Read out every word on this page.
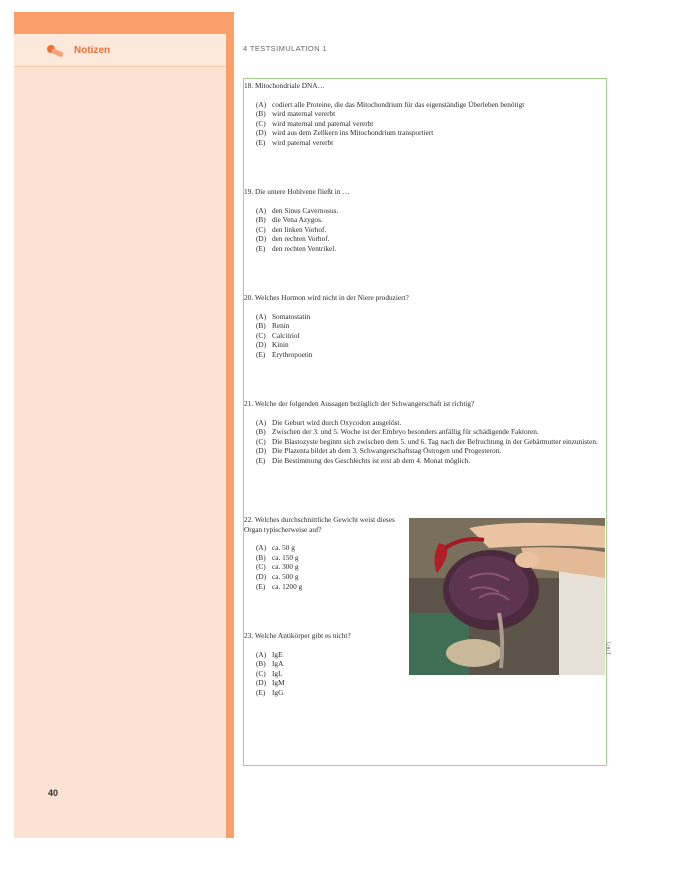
Notizen
40
4 TESTSIMULATION 1

18. Mitochondriale DNA…

(A) codiert alle Proteine, die das Mitochondrium für das eigenständige Überleben benötigt
(B) wird maternal vererbt
(C) wird maternal und paternal vererbt
(D) wird aus dem Zellkern ins Mitochondrium transportiert
(E) wird paternal vererbt

19. Die untere Hohlvene fließt in …

(A) den Sinus Cavernosus.
(B) die Vena Azygos.
(C) den linken Vorhof.
(D) den rechten Vorhof.
(E) den rechten Ventrikel.

20. Welches Hormon wird nicht in der Niere produziert?

(A) Somatostatin
(B) Renin
(C) Calcitriol
(D) Kinin
(E) Erythropoetin

21. Welche der folgenden Aussagen bezüglich der Schwangerschaft ist richtig?

(A) Die Geburt wird durch Oxycodon ausgelöst.
(B) Zwischen der 3. und 5. Woche ist der Embryo besonders anfällig für schädigende Faktoren.
(C) Die Blastozyste beginnt sich zwischen dem 5. und 6. Tag nach der Befruchtung in der Gebärmutter einzunisten.
(D) Die Plazenta bildet ab dem 3. Schwangerschaftstag Östrogen und Progesteron.
(E) Die Bestimmung des Geschlechts ist erst ab dem 4. Monat möglich.

22. Welches durchschnittliche Gewicht weist dieses Organ typischerweise auf?

(A) ca. 50 g
(B) ca. 150 g
(C) ca. 300 g
(D) ca. 500 g
(E) ca. 1200 g

23. Welche Antikörper gibt es nicht?

(A) IgE
(B) IgA
(C) IgL
(D) IgM
(E) IgG
[787]
